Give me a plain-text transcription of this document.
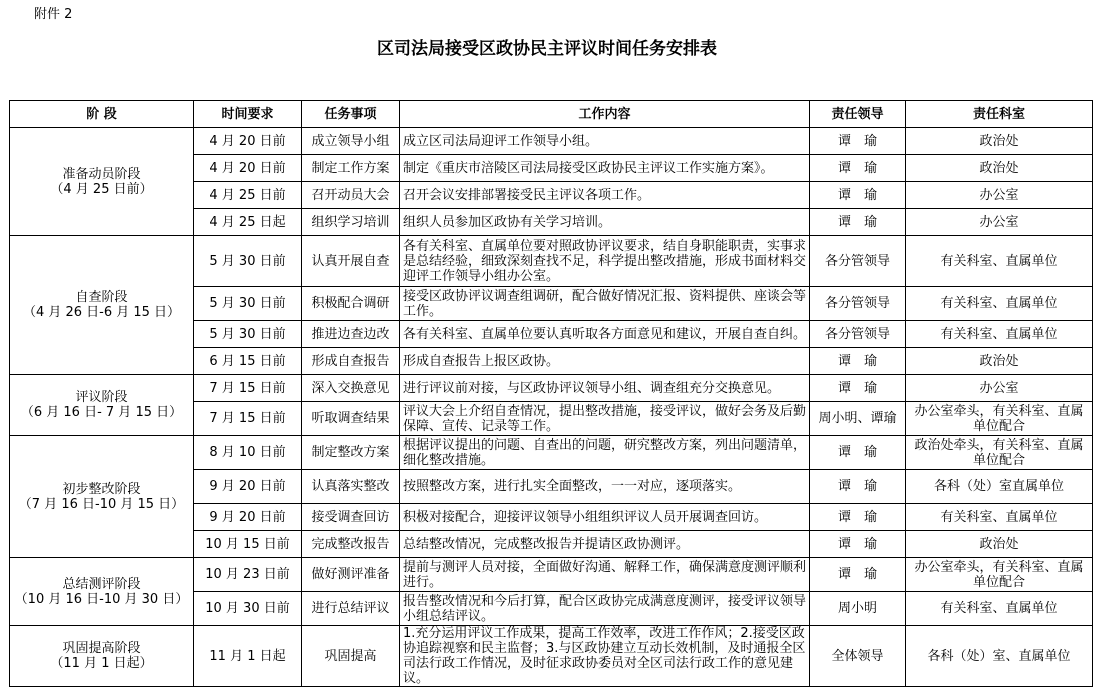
附件 2
区司法局接受区政协民主评议时间任务安排表
阶 段	时间要求	任务事项	工作内容	责任领导	责任科室

准备动员阶段
（4 月 25 日前）	4 月 20 日前	成立领导小组	成立区司法局迎评工作领导小组。	谭　瑜	政治处
	4 月 20 日前	制定工作方案	制定《重庆市涪陵区司法局接受区政协民主评议工作实施方案》。	谭　瑜	政治处
	4 月 25 日前	召开动员大会	召开会议安排部署接受民主评议各项工作。	谭　瑜	办公室
	4 月 25 日起	组织学习培训	组织人员参加区政协有关学习培训。	谭　瑜	办公室

自查阶段
（4 月 26 日-6 月 15 日）	5 月 30 日前	认真开展自查	各有关科室、直属单位要对照政协评议要求，结自身职能职责，实事求是总结经验，细致深刻查找不足，科学提出整改措施，形成书面材料交迎评工作领导小组办公室。	各分管领导	有关科室、直属单位
	5 月 30 日前	积极配合调研	接受区政协评议调查组调研，配合做好情况汇报、资料提供、座谈会等工作。	各分管领导	有关科室、直属单位
	5 月 30 日前	推进边查边改	各有关科室、直属单位要认真听取各方面意见和建议，开展自查自纠。	各分管领导	有关科室、直属单位
	6 月 15 日前	形成自查报告	形成自查报告上报区政协。	谭　瑜	政治处

评议阶段
（6 月 16 日- 7 月 15 日）	7 月 15 日前	深入交换意见	进行评议前对接，与区政协评议领导小组、调查组充分交换意见。	谭　瑜	办公室
	7 月 15 日前	听取调查结果	评议大会上介绍自查情况，提出整改措施，接受评议，做好会务及后勤保障、宣传、记录等工作。	周小明、谭瑜	办公室牵头，有关科室、直属单位配合

初步整改阶段
（7 月 16 日-10 月 15 日）	8 月 10 日前	制定整改方案	根据评议提出的问题、自查出的问题，研究整改方案，列出问题清单，细化整改措施。	谭　瑜	政治处牵头，有关科室、直属单位配合
	9 月 20 日前	认真落实整改	按照整改方案，进行扎实全面整改，一一对应，逐项落实。	谭　瑜	各科（处）室直属单位
	9 月 20 日前	接受调查回访	积极对接配合，迎接评议领导小组组织评议人员开展调查回访。	谭　瑜	有关科室、直属单位
	10 月 15 日前	完成整改报告	总结整改情况，完成整改报告并提请区政协测评。	谭　瑜	政治处

总结测评阶段
（10 月 16 日-10 月 30 日）	10 月 23 日前	做好测评准备	提前与测评人员对接，全面做好沟通、解释工作，确保满意度测评顺利进行。	谭　瑜	办公室牵头，有关科室、直属单位配合
	10 月 30 日前	进行总结评议	报告整改情况和今后打算，配合区政协完成满意度测评，接受评议领导小组总结评议。	周小明	有关科室、直属单位

巩固提高阶段
（11 月 1 日起）	11 月 1 日起	巩固提高	1.充分运用评议工作成果，提高工作效率，改进工作作风；2.接受区政协追踪视察和民主监督；3.与区政协建立互动长效机制，及时通报全区司法行政工作情况，及时征求政协委员对全区司法行政工作的意见建议。	全体领导	各科（处）室、直属单位
